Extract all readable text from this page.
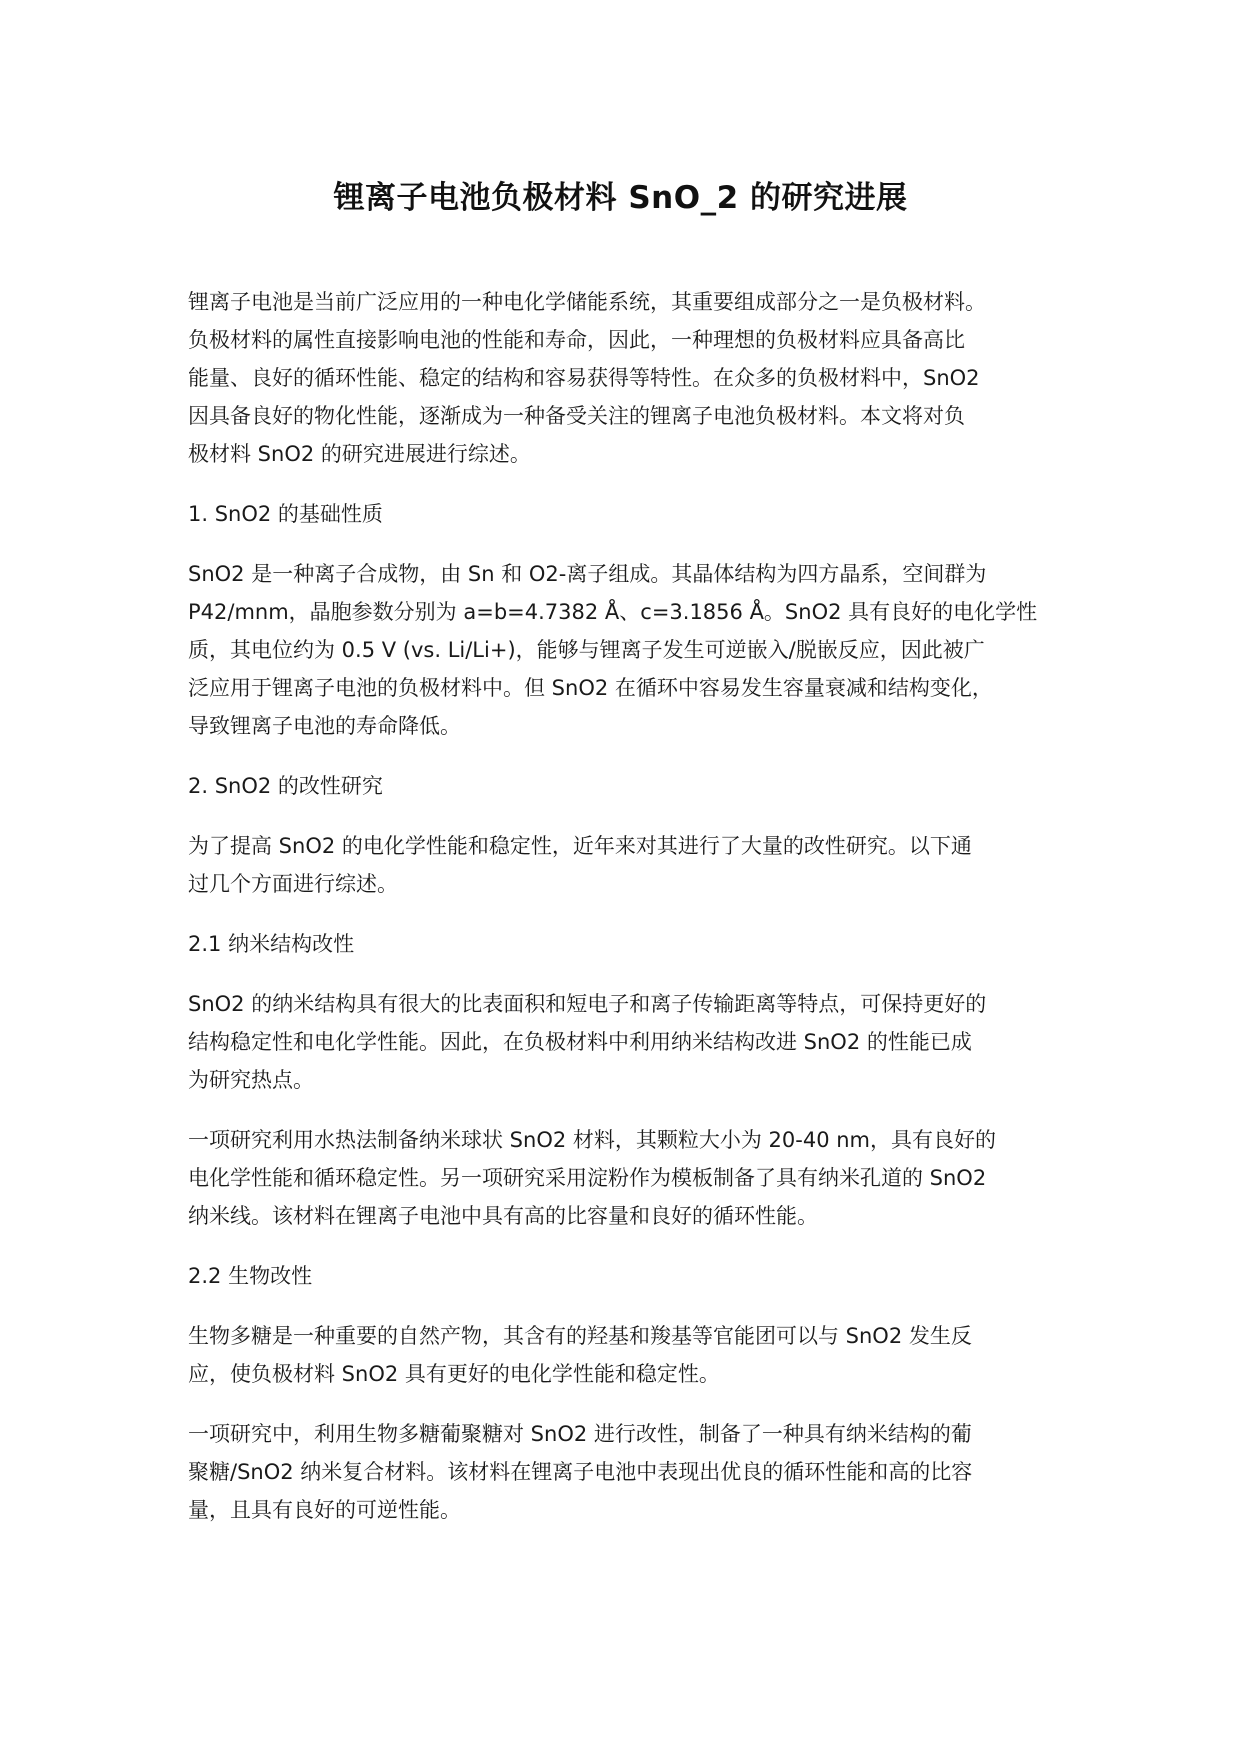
锂离子电池负极材料 SnO_2 的研究进展

锂离子电池是当前广泛应用的一种电化学储能系统，其重要组成部分之一是负极材料。
负极材料的属性直接影响电池的性能和寿命，因此，一种理想的负极材料应具备高比
能量、良好的循环性能、稳定的结构和容易获得等特性。在众多的负极材料中，SnO2
因具备良好的物化性能，逐渐成为一种备受关注的锂离子电池负极材料。本文将对负
极材料 SnO2 的研究进展进行综述。

1. SnO2 的基础性质

SnO2 是一种离子合成物，由 Sn 和 O2-离子组成。其晶体结构为四方晶系，空间群为
P42/mnm，晶胞参数分别为 a=b=4.7382 Å、c=3.1856 Å。SnO2 具有良好的电化学性
质，其电位约为 0.5 V (vs. Li/Li+)，能够与锂离子发生可逆嵌入/脱嵌反应，因此被广
泛应用于锂离子电池的负极材料中。但 SnO2 在循环中容易发生容量衰减和结构变化，
导致锂离子电池的寿命降低。

2. SnO2 的改性研究

为了提高 SnO2 的电化学性能和稳定性，近年来对其进行了大量的改性研究。以下通
过几个方面进行综述。

2.1 纳米结构改性

SnO2 的纳米结构具有很大的比表面积和短电子和离子传输距离等特点，可保持更好的
结构稳定性和电化学性能。因此，在负极材料中利用纳米结构改进 SnO2 的性能已成
为研究热点。

一项研究利用水热法制备纳米球状 SnO2 材料，其颗粒大小为 20-40 nm，具有良好的
电化学性能和循环稳定性。另一项研究采用淀粉作为模板制备了具有纳米孔道的 SnO2
纳米线。该材料在锂离子电池中具有高的比容量和良好的循环性能。

2.2 生物改性

生物多糖是一种重要的自然产物，其含有的羟基和羧基等官能团可以与 SnO2 发生反
应，使负极材料 SnO2 具有更好的电化学性能和稳定性。

一项研究中，利用生物多糖葡聚糖对 SnO2 进行改性，制备了一种具有纳米结构的葡
聚糖/SnO2 纳米复合材料。该材料在锂离子电池中表现出优良的循环性能和高的比容
量，且具有良好的可逆性能。
